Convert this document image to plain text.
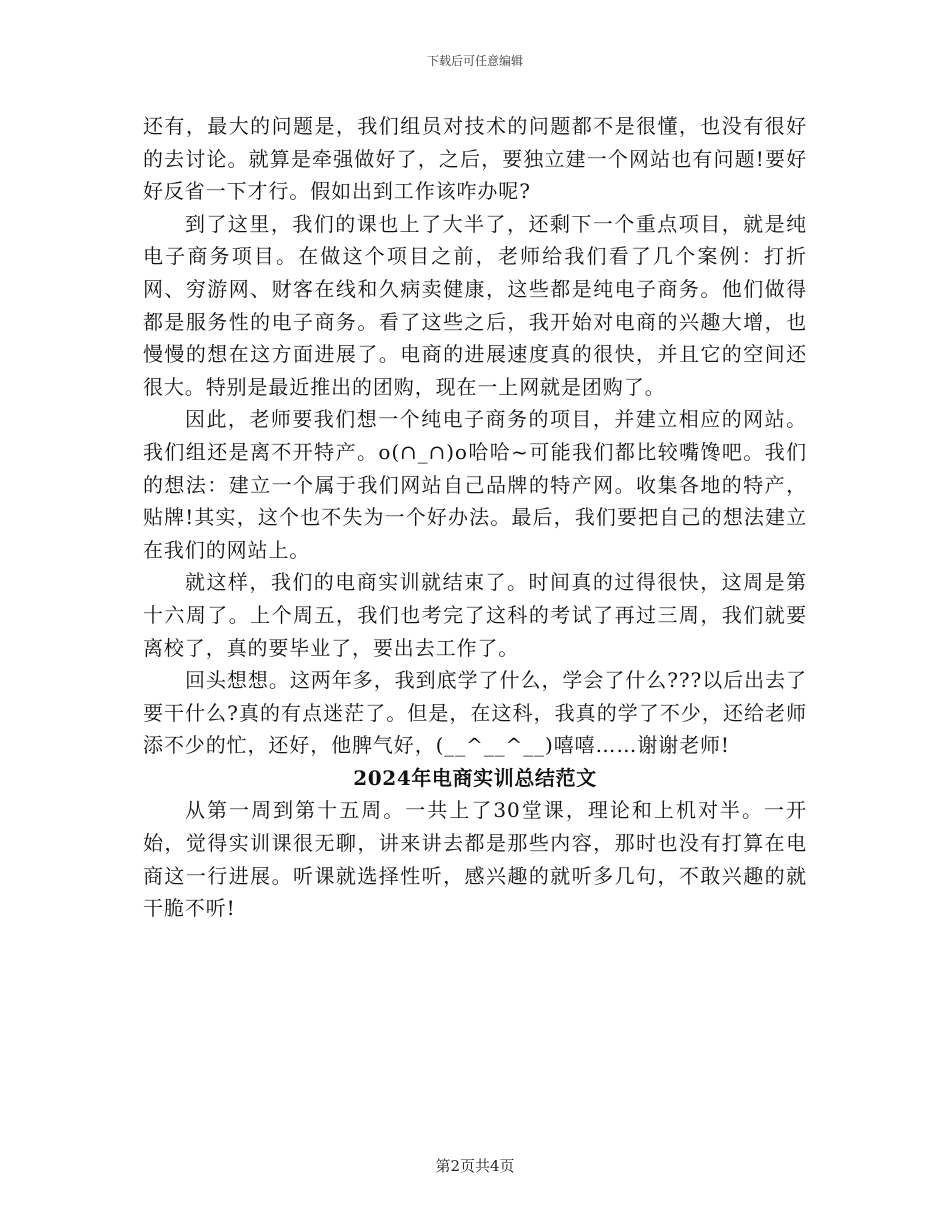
下载后可任意编辑

还有，最大的问题是，我们组员对技术的问题都不是很懂，也没有很好的去讨论。就算是牵强做好了，之后，要独立建一个网站也有问题!要好好反省一下才行。假如出到工作该咋办呢?

到了这里，我们的课也上了大半了，还剩下一个重点项目，就是纯电子商务项目。在做这个项目之前，老师给我们看了几个案例：打折网、穷游网、财客在线和久病卖健康，这些都是纯电子商务。他们做得都是服务性的电子商务。看了这些之后，我开始对电商的兴趣大增，也慢慢的想在这方面进展了。电商的进展速度真的很快，并且它的空间还很大。特别是最近推出的团购，现在一上网就是团购了。

因此，老师要我们想一个纯电子商务的项目，并建立相应的网站。我们组还是离不开特产。o(∩_∩)o哈哈~可能我们都比较嘴馋吧。我们的想法：建立一个属于我们网站自己品牌的特产网。收集各地的特产，贴牌!其实，这个也不失为一个好办法。最后，我们要把自己的想法建立在我们的网站上。

就这样，我们的电商实训就结束了。时间真的过得很快，这周是第十六周了。上个周五，我们也考完了这科的考试了再过三周，我们就要离校了，真的要毕业了，要出去工作了。

回头想想。这两年多，我到底学了什么，学会了什么???以后出去了要干什么?真的有点迷茫了。但是，在这科，我真的学了不少，还给老师添不少的忙，还好，他脾气好，(__^__^__)嘻嘻……谢谢老师!

2024年电商实训总结范文

从第一周到第十五周。一共上了30堂课，理论和上机对半。一开始，觉得实训课很无聊，讲来讲去都是那些内容，那时也没有打算在电商这一行进展。听课就选择性听，感兴趣的就听多几句，不敢兴趣的就干脆不听!

第2页共4页
